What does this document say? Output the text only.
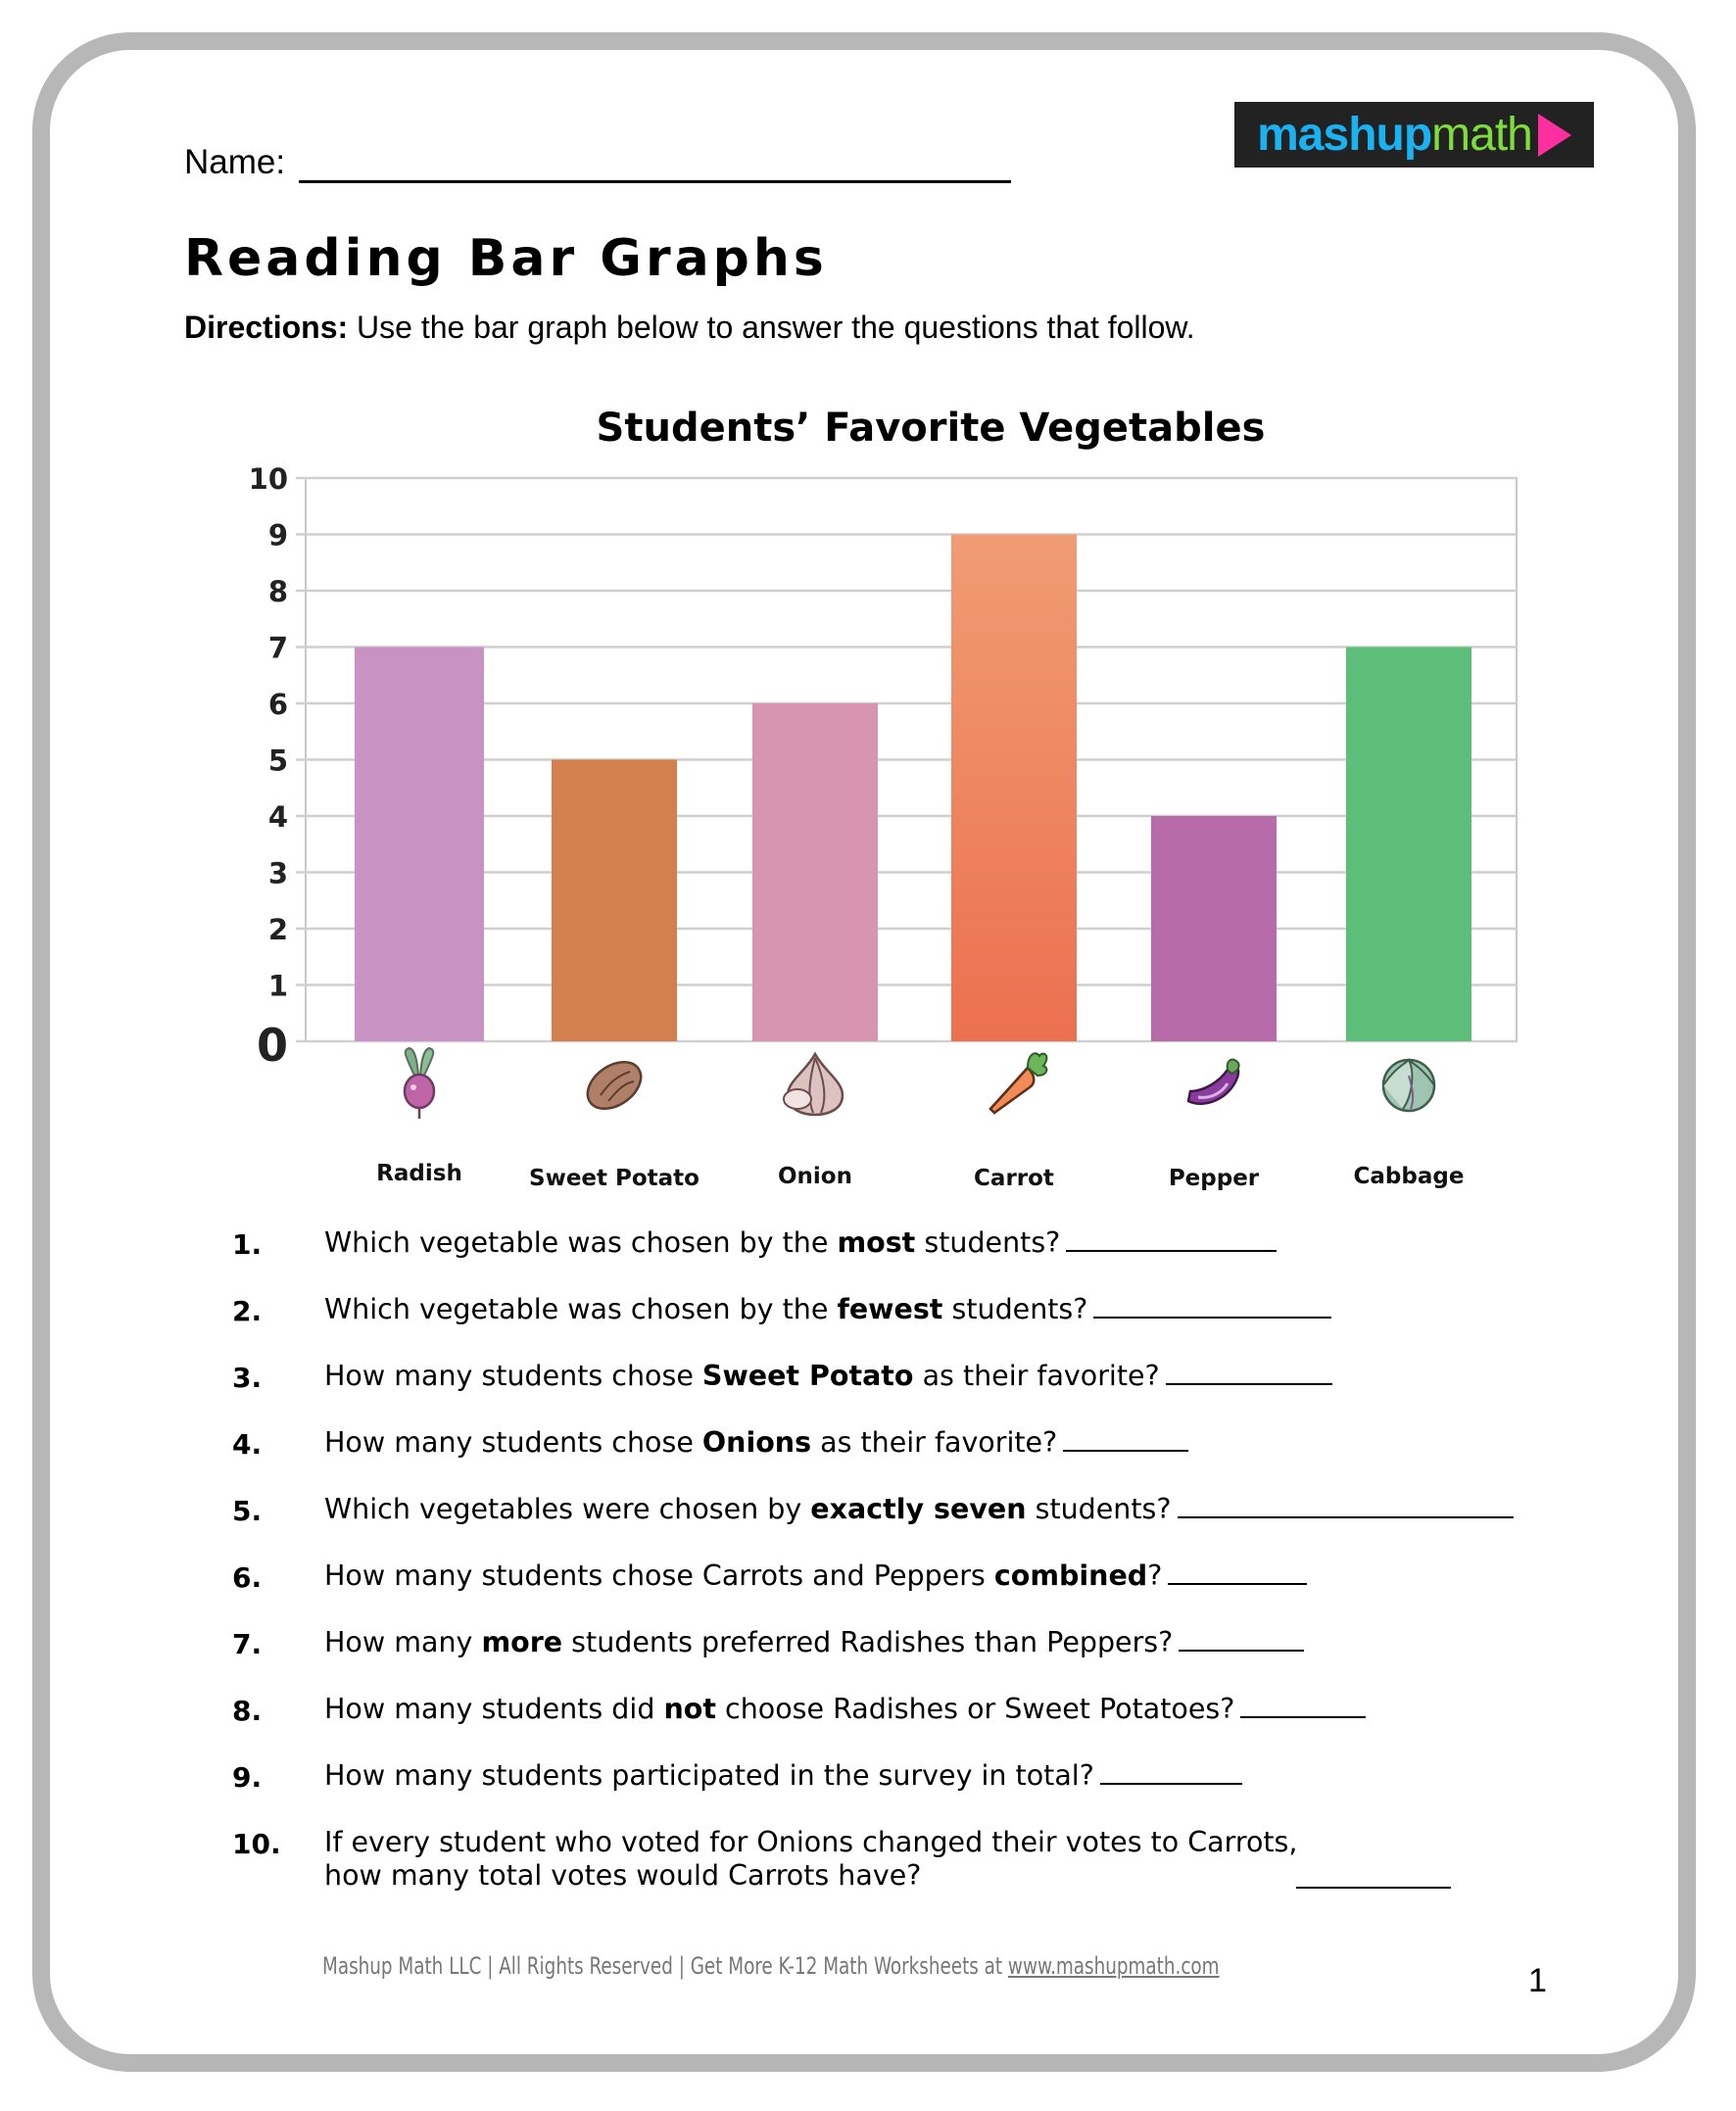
Name:
mashup math
Reading Bar Graphs
Directions: Use the bar graph below to answer the questions that follow.
Students’ Favorite Vegetables
0
1
2
3
4
5
6
7
8
9
10
Radish	Sweet Potato	Onion	Carrot	Pepper	Cabbage
1. Which vegetable was chosen by the most students?
2. Which vegetable was chosen by the fewest students?
3. How many students chose Sweet Potato as their favorite?
4. How many students chose Onions as their favorite?
5. Which vegetables were chosen by exactly seven students?
6. How many students chose Carrots and Peppers combined?
7. How many more students preferred Radishes than Peppers?
8. How many students did not choose Radishes or Sweet Potatoes?
9. How many students participated in the survey in total?
10. If every student who voted for Onions changed their votes to Carrots,
how many total votes would Carrots have?
Mashup Math LLC | All Rights Reserved | Get More K-12 Math Worksheets at www.mashupmath.com	1
